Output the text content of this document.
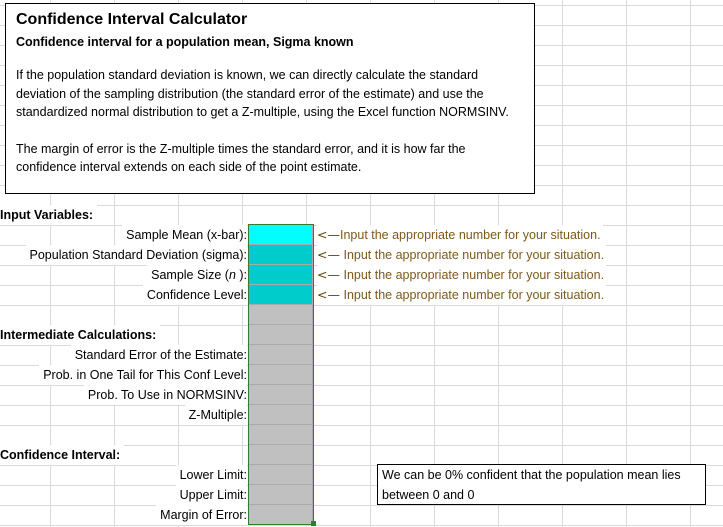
Confidence Interval Calculator
Confidence interval for a population mean, Sigma known

If the population standard deviation is known, we can directly calculate the standard deviation of the sampling distribution (the standard error of the estimate) and use the standardized normal distribution to get a Z-multiple, using the Excel function NORMSINV.

The margin of error is the Z-multiple times the standard error, and it is how far the confidence interval extends on each side of the point estimate.

Input Variables:
Sample Mean (x-bar):
Population Standard Deviation (sigma):
Sample Size (n ):
Confidence Level:
<—Input the appropriate number for your situation.
<— Input the appropriate number for your situation.
<— Input the appropriate number for your situation.
<— Input the appropriate number for your situation.
Intermediate Calculations:
Standard Error of the Estimate:
Prob. in One Tail for This Conf Level:
Prob. To Use in NORMSINV:
Z-Multiple:
Confidence Interval:
Lower Limit:
Upper Limit:
Margin of Error:
We can be 0% confident that the population mean lies between 0 and 0
